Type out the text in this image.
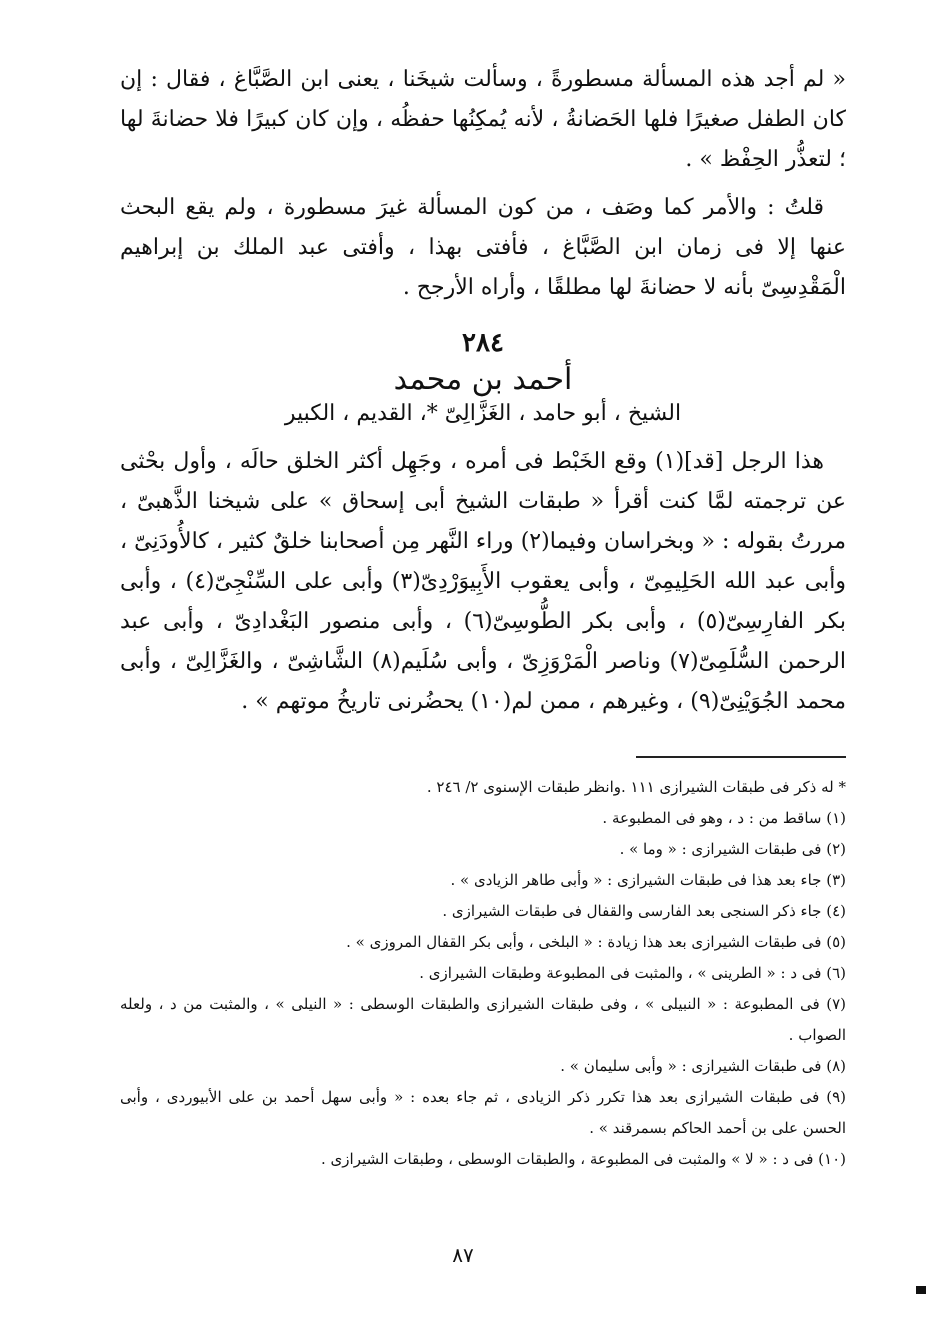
« لم أجد هذه المسألة مسطورةً ، وسألت شيخَنا ، يعنى ابن الصَّبَّاغ ، فقال : إن كان الطفل صغيرًا فلها الحَضانةُ ، لأنه يُمكِنُها حفظُه ، وإن كان كبيرًا فلا حضانةَ لها ؛ لتعذُّر الحِفْظ » .

قلتُ : والأمر كما وصَف ، من كون المسألة غيرَ مسطورة ، ولم يقع البحث عنها إلا فى زمان ابن الصَّبَّاغ ، فأفتى بهذا ، وأفتى عبد الملك بن إبراهيم الْمَقْدِسِىّ بأنه لا حضانةَ لها مطلقًا ، وأراه الأرجح .

٢٨٤
أحمد بن محمد
الشيخ ، أبو حامد ، الغَزَّالِىّ *، القديم ، الكبير

هذا الرجل [قد](١) وقع الخَبْط فى أمره ، وجَهِل أكثر الخلق حالَه ، وأول بحْثى عن ترجمته لمَّا كنت أقرأ « طبقات الشيخ أبى إسحاق » على شيخنا الذَّهبىّ ، مررتُ بقوله : « وبخراسان وفيما(٢) وراء النَّهر مِن أصحابنا خلقٌ كثير ، كالأُودَنِىّ ، وأبى عبد الله الحَلِيمِىّ ، وأبى يعقوب الأَبِيوَرْدِىّ(٣) وأبى على السِّنْجِىّ(٤) ، وأبى بكر الفارِسِىّ(٥) ، وأبى بكر الطُّوسِىّ(٦) ، وأبى منصور البَغْدادِىّ ، وأبى عبد الرحمن السُّلَمِىّ(٧) وناصر الْمَرْوَزِىّ ، وأبى سُلَيم(٨) الشَّاشِىّ ، والغَزَّالِىّ ، وأبى محمد الجُوَيْنِىّ(٩) ، وغيرهم ، ممن لم(١٠) يحضُرنى تاريخُ موتهم » .

* له ذكر فى طبقات الشيرازى ١١١ .وانظر طبقات الإسنوى ٢/ ٢٤٦ .

(١) ساقط من : د ، وهو فى المطبوعة .

(٢) فى طبقات الشيرازى : « وما » .

(٣) جاء بعد هذا فى طبقات الشيرازى : « وأبى طاهر الزيادى » .

(٤) جاء ذكر السنجى بعد الفارسى والقفال فى طبقات الشيرازى .

(٥) فى طبقات الشيرازى بعد هذا زيادة : « البلخى ، وأبى بكر القفال المروزى » .

(٦) فى د : « الطرينى » ، والمثبت فى المطبوعة وطبقات الشيرازى .

(٧) فى المطبوعة : « النبيلى » ، وفى طبقات الشيرازى والطبقات الوسطى : « النيلى » ، والمثبت من د ، ولعله الصواب .

(٨) فى طبقات الشيرازى : « وأبى سليمان » .

(٩) فى طبقات الشيرازى بعد هذا تكرر ذكر الزيادى ، ثم جاء بعده : « وأبى سهل أحمد بن على الأبيوردى ، وأبى الحسن على بن أحمد الحاكم بسمرقند » .

(١٠) فى د : « لا » والمثبت فى المطبوعة ، والطبقات الوسطى ، وطبقات الشيرازى .

٨٧
